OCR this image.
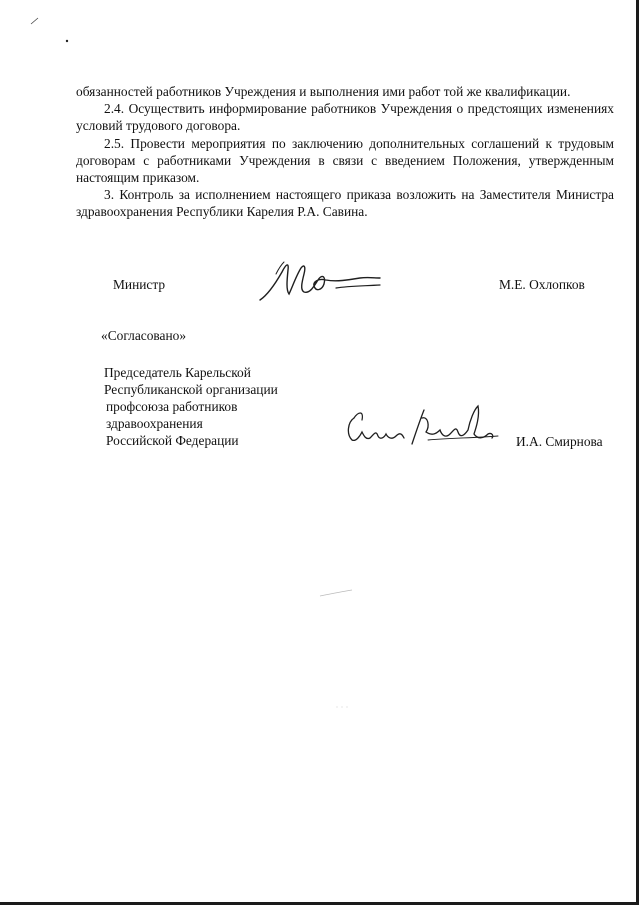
обязанностей работников Учреждения и выполнения ими работ той же квалификации.

2.4. Осуществить информирование работников Учреждения о предстоящих изменениях условий трудового договора.

2.5. Провести мероприятия по заключению дополнительных соглашений к трудовым договорам с работниками Учреждения в связи с введением Положения, утвержденным настоящим приказом.

3. Контроль за исполнением настоящего приказа возложить на Заместителя Министра здравоохранения Республики Карелия Р.А. Савина.

Министр	М.Е. Охлопков
«Согласовано»
Председатель Карельской
Республиканской организации
профсоюза работников
здравоохранения
Российской Федерации	И.А. Смирнова
